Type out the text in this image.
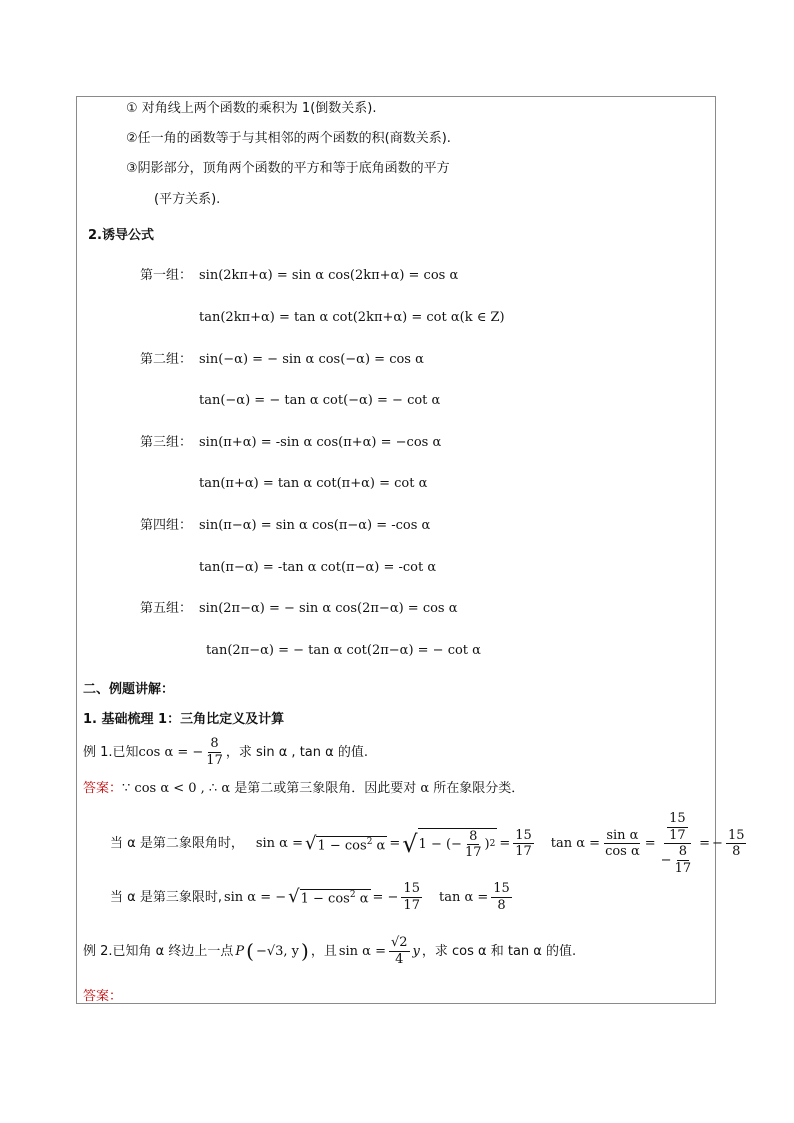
① 对角线上两个函数的乘积为 1(倒数关系).
②任一角的函数等于与其相邻的两个函数的积(商数关系).
③阴影部分，顶角两个函数的平方和等于底角函数的平方
(平方关系).
2.诱导公式
第一组： sin(2kπ+α) = sin α cos(2kπ+α) = cos α
tan(2kπ+α) = tan α cot(2kπ+α) = cot α(k ∈ Z)
第二组： sin(−α) = − sin α cos(−α) = cos α
tan(−α) = − tan α cot(−α) = − cot α
第三组： sin(π+α) = -sin α cos(π+α) = −cos α
tan(π+α) = tan α cot(π+α) = cot α
第四组： sin(π−α) = sin α cos(π−α) = -cos α
tan(π−α) = -tan α cot(π−α) = -cot α
第五组： sin(2π−α) = − sin α cos(2π−α) = cos α
tan(2π−α) = − tan α cot(2π−α) = − cot α
二、例题讲解：
1. 基础梳理 1：三角比定义及计算
例 1.已知 cos α = − $\frac{8}{17}$ ，求 sin α , tan α 的值.
答案：∵ cos α < 0 , ∴ α 是第二或第三象限角．因此要对 α 所在象限分类．
当 α 是第二象限角时， sin α = √ $1 - \cos^2 \alpha$ = √ 1 − (− $\frac{8}{17}$ ) $2 = \frac{15}{17}$ $\tan \alpha = \frac{\text{sin α}}{\text{cos α}} = \frac{\frac{15}{17}}{- \frac{8}{17}}$ = − $\frac{15}{8}$
当 α 是第三象限时, sin α = − √ $1 - \cos^2 \alpha$ = − $\frac{15}{17}$ $\tan \alpha = \frac{15}{8}$
例 2.已知角 α 终边上一点 P ( −√3, y ) ，且 $\sin \alpha = \frac{√2}{4}$ y ，求 cos α 和 tan α 的值.
答案：
